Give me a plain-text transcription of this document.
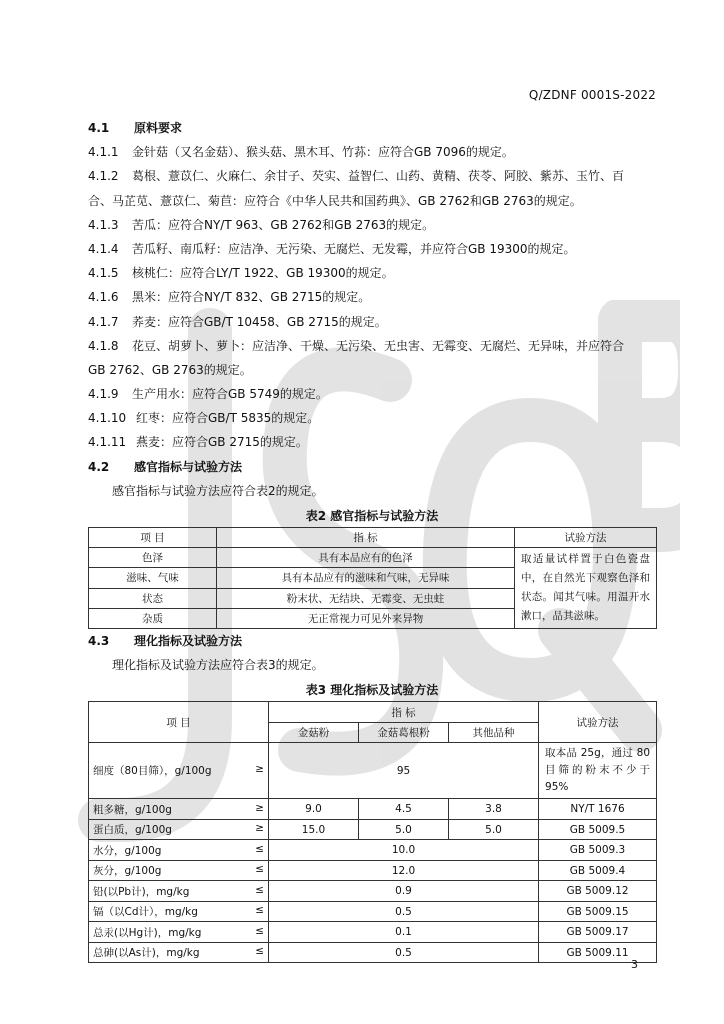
Q/ZDNF 0001S-2022
4.1 原料要求
4.1.1 金针菇（又名金菇）、猴头菇、黑木耳、竹荪：应符合GB 7096的规定。
4.1.2 葛根、薏苡仁、火麻仁、余甘子、芡实、益智仁、山药、黄精、茯苓、阿胶、紫苏、玉竹、百
合、马芷苋、薏苡仁、菊苣：应符合《中华人民共和国药典》、GB 2762和GB 2763的规定。
4.1.3 苦瓜：应符合NY/T 963、GB 2762和GB 2763的规定。
4.1.4 苦瓜籽、南瓜籽：应洁净、无污染、无腐烂、无发霉，并应符合GB 19300的规定。
4.1.5 核桃仁：应符合LY/T 1922、GB 19300的规定。
4.1.6 黑米：应符合NY/T 832、GB 2715的规定。
4.1.7 荞麦：应符合GB/T 10458、GB 2715的规定。
4.1.8 花豆、胡萝卜、萝卜：应洁净、干燥、无污染、无虫害、无霉变、无腐烂、无异味，并应符合
GB 2762、GB 2763的规定。
4.1.9 生产用水：应符合GB 5749的规定。
4.1.10 红枣：应符合GB/T 5835的规定。
4.1.11 燕麦：应符合GB 2715的规定。
4.2 感官指标与试验方法
感官指标与试验方法应符合表2的规定。
表2 感官指标与试验方法
项 目	指 标	试验方法
色泽	具有本品应有的色泽	取适量试样置于白色瓷盘中，在自然光下观察色泽和状态。闻其气味。用温开水漱口，品其滋味。
滋味、气味	具有本品应有的滋味和气味，无异味	
状态	粉末状、无结块、无霉变、无虫蛀	
杂质	无正常视力可见外来异物	
4.3 理化指标及试验方法
理化指标及试验方法应符合表3的规定。
表3 理化指标及试验方法
项 目	指 标			试验方法
	金菇粉	金菇葛根粉	其他品种	
细度（80目筛），g/100g ≥	95			取本品 25g，通过 80 目筛的粉末不少于95%
粗多糖，g/100g ≥	9.0	4.5	3.8	NY/T 1676
蛋白质，g/100g ≥	15.0	5.0	5.0	GB 5009.5
水分，g/100g ≤	10.0			GB 5009.3
灰分，g/100g ≤	12.0			GB 5009.4
铅(以Pb计)，mg/kg ≤	0.9			GB 5009.12
镉（以Cd计），mg/kg ≤	0.5			GB 5009.15
总汞(以Hg计)，mg/kg ≤	0.1			GB 5009.17
总砷(以As计)，mg/kg ≤	0.5			GB 5009.11
3
